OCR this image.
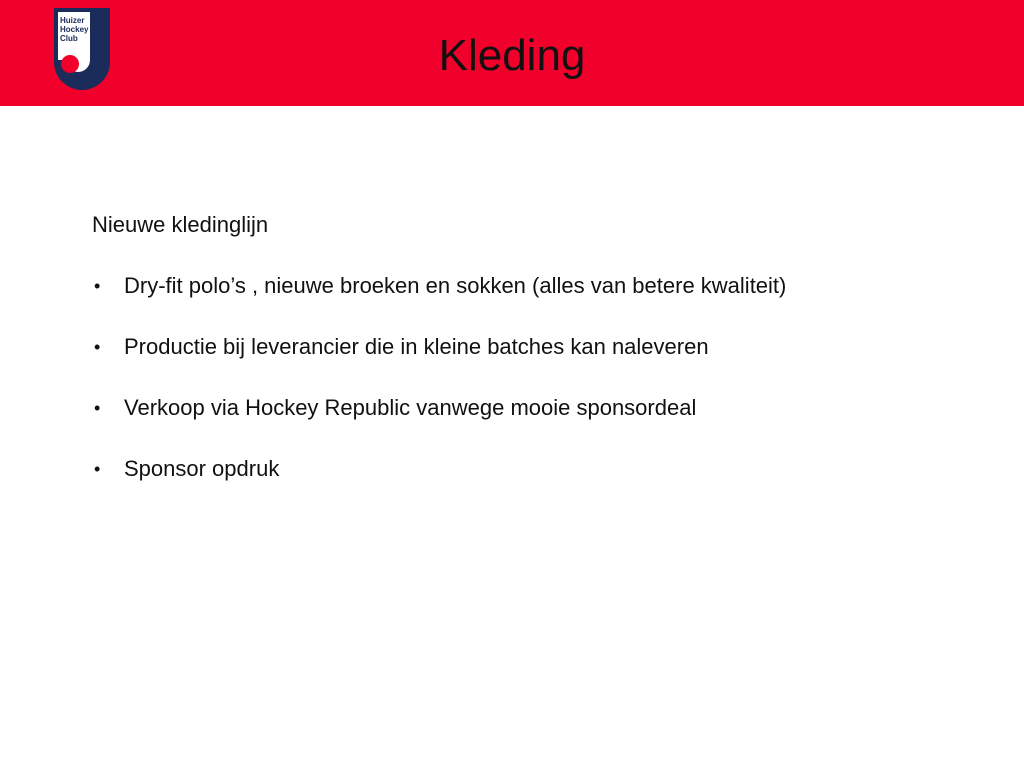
Huizer
Hockey
Club	Kleding

Nieuwe kledinglijn

• Dry-fit polo’s , nieuwe broeken en sokken (alles van betere kwaliteit)
• Productie bij leverancier die in kleine batches kan naleveren
• Verkoop via Hockey Republic vanwege mooie sponsordeal
• Sponsor opdruk
